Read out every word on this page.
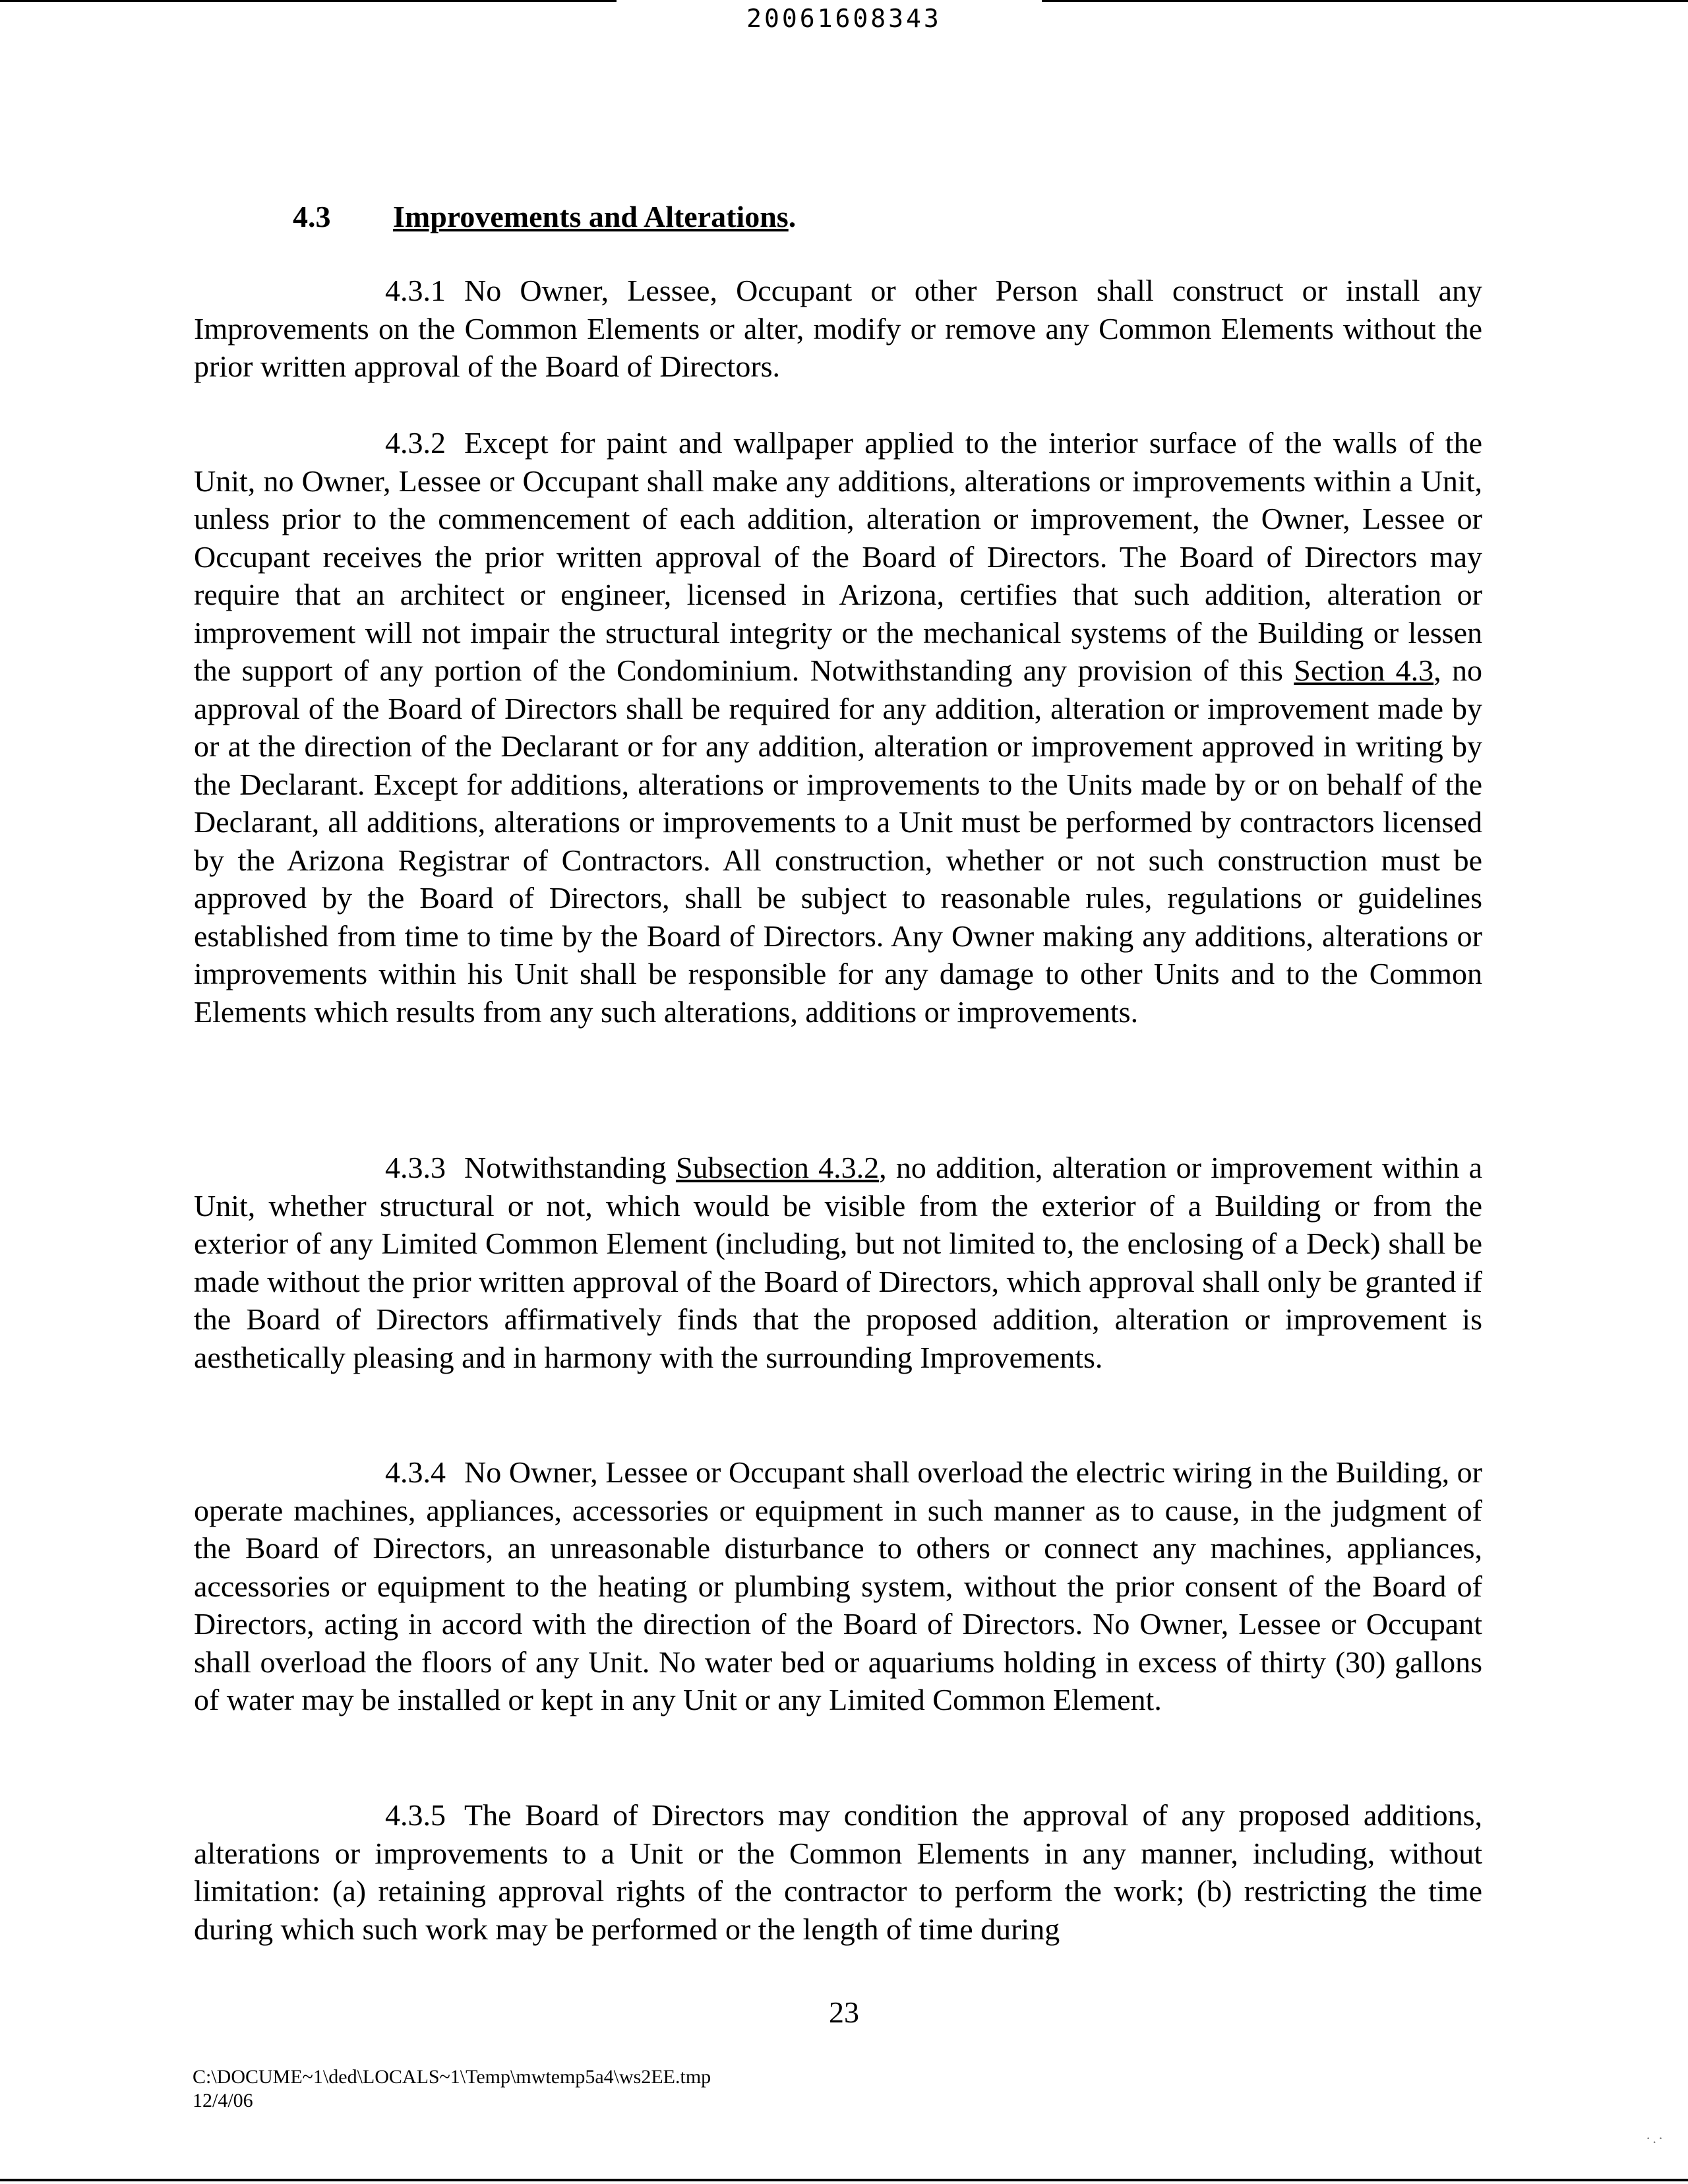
20061608343
4.3 Improvements and Alterations.

4.3.1 No Owner, Lessee, Occupant or other Person shall construct or install any Improvements on the Common Elements or alter, modify or remove any Common Elements without the prior written approval of the Board of Directors.

4.3.2 Except for paint and wallpaper applied to the interior surface of the walls of the Unit, no Owner, Lessee or Occupant shall make any additions, alterations or improvements within a Unit, unless prior to the commencement of each addition, alteration or improvement, the Owner, Lessee or Occupant receives the prior written approval of the Board of Directors. The Board of Directors may require that an architect or engineer, licensed in Arizona, certifies that such addition, alteration or improvement will not impair the structural integrity or the mechanical systems of the Building or lessen the support of any portion of the Condominium. Notwithstanding any provision of this Section 4.3, no approval of the Board of Directors shall be required for any addition, alteration or improvement made by or at the direction of the Declarant or for any addition, alteration or improvement approved in writing by the Declarant. Except for additions, alterations or improvements to the Units made by or on behalf of the Declarant, all additions, alterations or improvements to a Unit must be performed by contractors licensed by the Arizona Registrar of Contractors. All construction, whether or not such construction must be approved by the Board of Directors, shall be subject to reasonable rules, regulations or guidelines established from time to time by the Board of Directors. Any Owner making any additions, alterations or improvements within his Unit shall be responsible for any damage to other Units and to the Common Elements which results from any such alterations, additions or improvements.

4.3.3 Notwithstanding Subsection 4.3.2, no addition, alteration or improvement within a Unit, whether structural or not, which would be visible from the exterior of a Building or from the exterior of any Limited Common Element (including, but not limited to, the enclosing of a Deck) shall be made without the prior written approval of the Board of Directors, which approval shall only be granted if the Board of Directors affirmatively finds that the proposed addition, alteration or improvement is aesthetically pleasing and in harmony with the surrounding Improvements.

4.3.4 No Owner, Lessee or Occupant shall overload the electric wiring in the Building, or operate machines, appliances, accessories or equipment in such manner as to cause, in the judgment of the Board of Directors, an unreasonable disturbance to others or connect any machines, appliances, accessories or equipment to the heating or plumbing system, without the prior consent of the Board of Directors, acting in accord with the direction of the Board of Directors. No Owner, Lessee or Occupant shall overload the floors of any Unit. No water bed or aquariums holding in excess of thirty (30) gallons of water may be installed or kept in any Unit or any Limited Common Element.

4.3.5 The Board of Directors may condition the approval of any proposed additions, alterations or improvements to a Unit or the Common Elements in any manner, including, without limitation: (a) retaining approval rights of the contractor to perform the work; (b) restricting the time during which such work may be performed or the length of time during

23
C:\DOCUME~1\ded\LOCALS~1\Temp\mwtemp5a4\ws2EE.tmp
12/4/06
·.·
